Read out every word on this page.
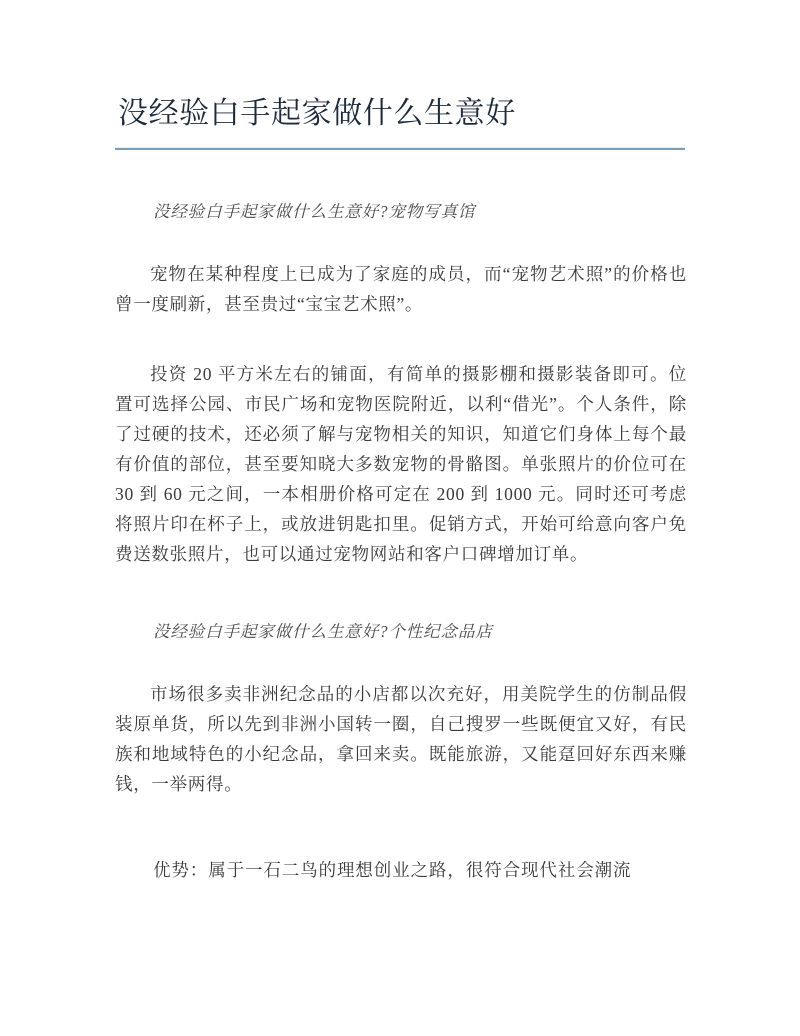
没经验白手起家做什么生意好
没经验白手起家做什么生意好?宠物写真馆

宠物在某种程度上已成为了家庭的成员，而“宠物艺术照”的价格也曾一度刷新，甚至贵过“宝宝艺术照”。

投资 20 平方米左右的铺面，有简单的摄影棚和摄影装备即可。位置可选择公园、市民广场和宠物医院附近，以利“借光”。个人条件，除了过硬的技术，还必须了解与宠物相关的知识，知道它们身体上每个最有价值的部位，甚至要知晓大多数宠物的骨骼图。单张照片的价位可在 30 到 60 元之间，一本相册价格可定在 200 到 1000 元。同时还可考虑将照片印在杯子上，或放进钥匙扣里。促销方式，开始可给意向客户免费送数张照片，也可以通过宠物网站和客户口碑增加订单。

没经验白手起家做什么生意好?个性纪念品店

市场很多卖非洲纪念品的小店都以次充好，用美院学生的仿制品假装原单货，所以先到非洲小国转一圈，自己搜罗一些既便宜又好，有民族和地域特色的小纪念品，拿回来卖。既能旅游，又能趸回好东西来赚钱，一举两得。

优势：属于一石二鸟的理想创业之路，很符合现代社会潮流
